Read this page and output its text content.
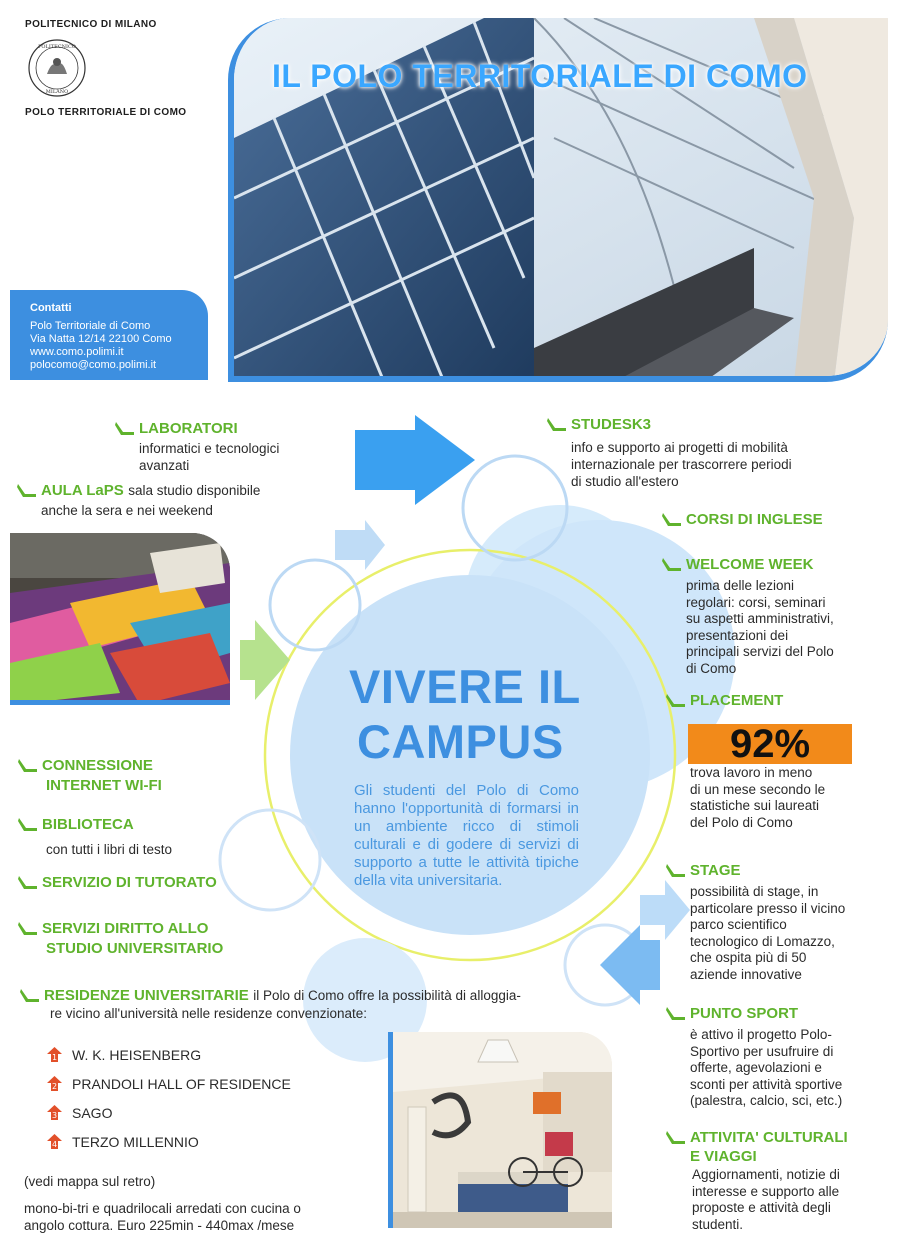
POLITECNICO DI MILANO
POLITECNICO
MILANO
POLO TERRITORIALE DI COMO
Contatti
Polo Territoriale di Como
Via Natta 12/14 22100 Como
www.como.polimi.it
polocomo@como.polimi.it
IL POLO TERRITORIALE DI COMO
LABORATORI
informatici e tecnologici
avanzati
AULA LaPS sala studio disponibile
anche la sera e nei weekend
CONNESSIONE
INTERNET WI-FI
BIBLIOTECA
con tutti i libri di testo
SERVIZIO DI TUTORATO
SERVIZI DIRITTO ALLO
STUDIO UNIVERSITARIO
RESIDENZE UNIVERSITARIE il Polo di Como offre la possibilità di alloggia-
re vicino all'università nelle residenze convenzionate:
1 W. K. HEISENBERG
2 PRANDOLI HALL OF RESIDENCE
3 SAGO
4 TERZO MILLENNIO
(vedi mappa sul retro)
mono-bi-tri e quadrilocali arredati con cucina o
angolo cottura. Euro 225min - 440max /mese
VIVERE IL
CAMPUS
Gli studenti del Polo di Como hanno l'opportunità di formarsi in un ambiente ricco di stimoli culturali e di godere di servizi di supporto a tutte le attività tipiche della vita universitaria.
STUDESK3
info e supporto ai progetti di mobilità
internazionale per trascorrere periodi
di studio all'estero
CORSI DI INGLESE
WELCOME WEEK
prima delle lezioni
regolari: corsi, seminari
su aspetti amministrativi,
presentazioni dei
principali servizi del Polo
di Como
PLACEMENT
92%
trova lavoro in meno
di un mese secondo le
statistiche sui laureati
del Polo di Como
STAGE
possibilità di stage, in
particolare presso il vicino
parco scientifico
tecnologico di Lomazzo,
che ospita più di 50
aziende innovative
PUNTO SPORT
è attivo il progetto Polo-
Sportivo per usufruire di
offerte, agevolazioni e
sconti per attività sportive
(palestra, calcio, sci, etc.)
ATTIVITA' CULTURALI
E VIAGGI
Aggiornamenti, notizie di
interesse e supporto alle
proposte e attività degli
studenti.
